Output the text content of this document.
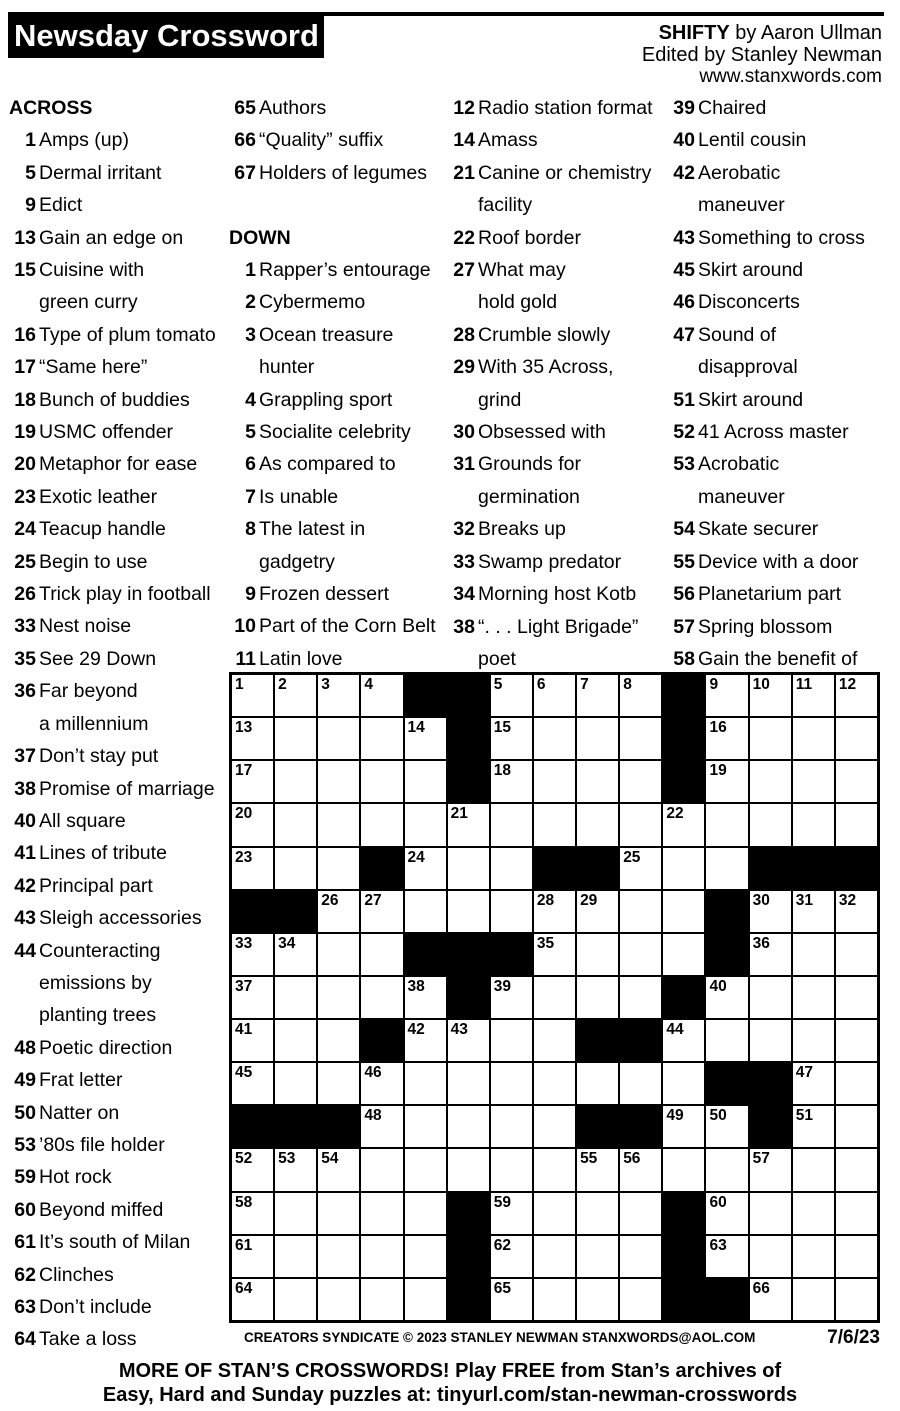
Newsday Crossword	SHIFTY by Aaron Ullman
Edited by Stanley Newman
www.stanxwords.com
ACROSS
1 Amps (up)
5 Dermal irritant
9 Edict
13 Gain an edge on
15 Cuisine with
green curry
16 Type of plum tomato
17 “Same here”
18 Bunch of buddies
19 USMC offender
20 Metaphor for ease
23 Exotic leather
24 Teacup handle
25 Begin to use
26 Trick play in football
33 Nest noise
35 See 29 Down
36 Far beyond
a millennium
37 Don’t stay put
38 Promise of marriage
40 All square
41 Lines of tribute
42 Principal part
43 Sleigh accessories
44 Counteracting
emissions by
planting trees
48 Poetic direction
49 Frat letter
50 Natter on
53 ’80s file holder
59 Hot rock
60 Beyond miffed
61 It’s south of Milan
62 Clinches
63 Don’t include
64 Take a loss
65 Authors
66 “Quality” suffix
67 Holders of legumes
DOWN
1 Rapper’s entourage
2 Cybermemo
3 Ocean treasure
hunter
4 Grappling sport
5 Socialite celebrity
6 As compared to
7 Is unable
8 The latest in
gadgetry
9 Frozen dessert
10 Part of the Corn Belt
11 Latin love
12 Radio station format
14 Amass
21 Canine or chemistry
facility
22 Roof border
27 What may
hold gold
28 Crumble slowly
29 With 35 Across,
grind
30 Obsessed with
31 Grounds for
germination
32 Breaks up
33 Swamp predator
34 Morning host Kotb
38 “. . . Light Brigade”
poet
39 Chaired
40 Lentil cousin
42 Aerobatic
maneuver
43 Something to cross
45 Skirt around
46 Disconcerts
47 Sound of
disapproval
51 Skirt around
52 41 Across master
53 Acrobatic
maneuver
54 Skate securer
55 Device with a door
56 Planetarium part
57 Spring blossom
58 Gain the benefit of
1 2 3 4	5 6 7 8	9 10 11 12
13	14	15	16
17	18	19
20	21	22
23	24	25
26 27	28 29	30 31 32
33 34	35	36
37	38	39	40
41	42 43	44
45	46	47
48	49 50	51
52 53 54	55 56	57
58	59	60
61	62	63
64	65	66
CREATORS SYNDICATE © 2023 STANLEY NEWMAN STANXWORDS@AOL.COM	7/6/23
MORE OF STAN’S CROSSWORDS! Play FREE from Stan’s archives of
Easy, Hard and Sunday puzzles at: tinyurl.com/stan-newman-crosswords
